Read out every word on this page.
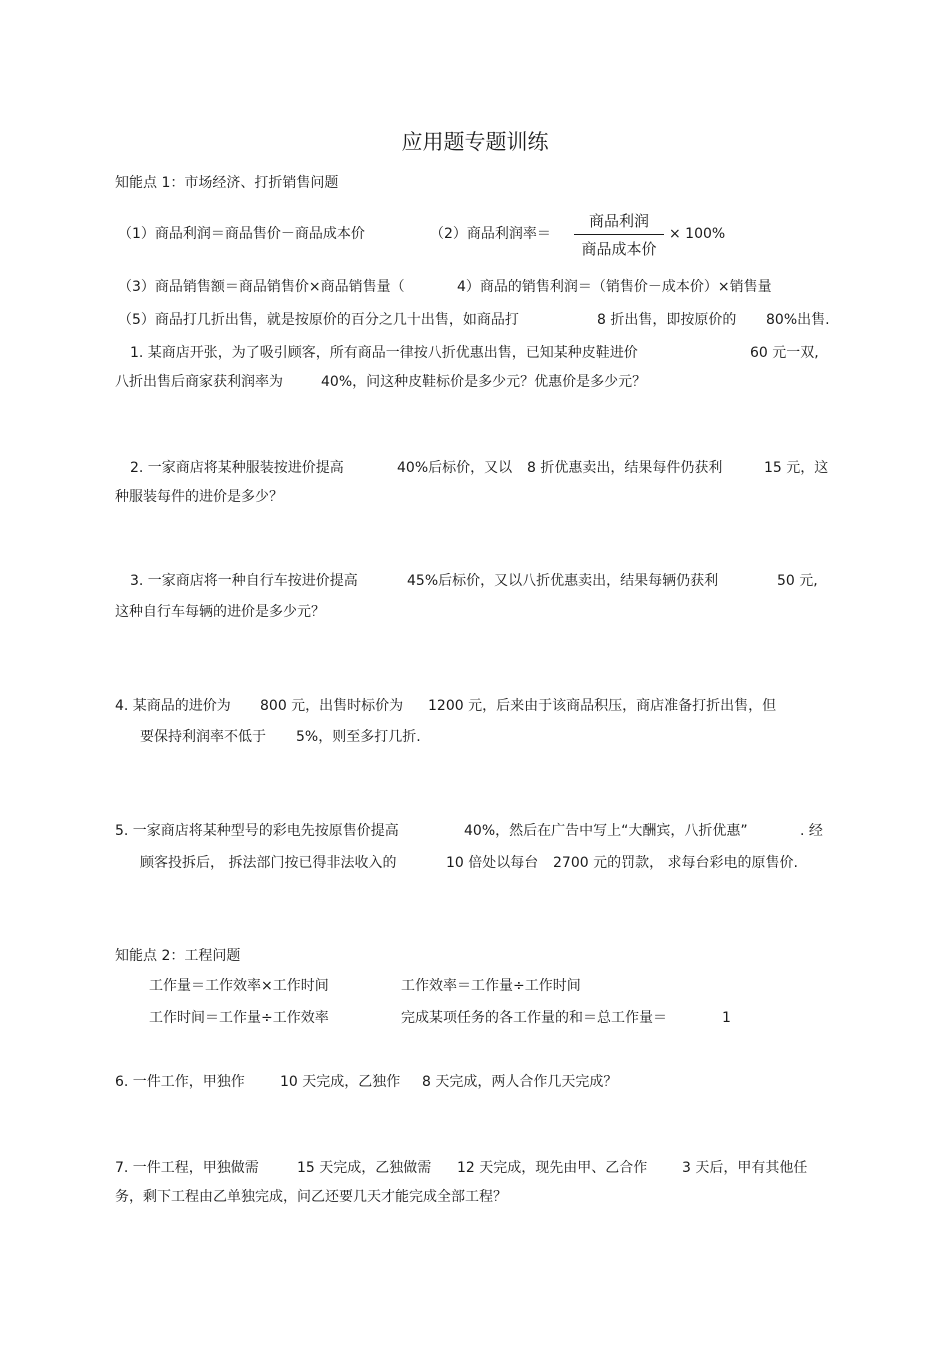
应用题专题训练
知能点 1：市场经济、打折销售问题
（1）商品利润＝商品售价－商品成本价	（2）商品利润率＝
商品利润
商品成本价
× 100%
（3）商品销售额＝商品销售价×商品销售量（	4）商品的销售利润＝（销售价－成本价）×销售量
（5）商品打几折出售，就是按原价的百分之几十出售，如商品打	8 折出售，即按原价的 80%出售.
1. 某商店开张，为了吸引顾客，所有商品一律按八折优惠出售，已知某种皮鞋进价	60 元一双,
八折出售后商家获利润率为	40%，问这种皮鞋标价是多少元？优惠价是多少元？
2. 一家商店将某种服装按进价提高	40%后标价，又以 8 折优惠卖出，结果每件仍获利	15 元，这
种服装每件的进价是多少？
3. 一家商店将一种自行车按进价提高	45%后标价，又以八折优惠卖出，结果每辆仍获利	50 元,
这种自行车每辆的进价是多少元？
4. 某商品的进价为 800 元，出售时标价为 1200 元，后来由于该商品积压，商店准备打折出售，但
要保持利润率不低于 5%，则至多打几折.
5. 一家商店将某种型号的彩电先按原售价提高	40%，然后在广告中写上“大酬宾，八折优惠”	. 经
顾客投拆后， 拆法部门按已得非法收入的	10 倍处以每台 2700 元的罚款， 求每台彩电的原售价.
知能点 2：工程问题
工作量＝工作效率×工作时间	工作效率＝工作量÷工作时间
工作时间＝工作量÷工作效率	完成某项任务的各工作量的和＝总工作量＝	1
6. 一件工作，甲独作	10 天完成，乙独作 8 天完成，两人合作几天完成？
7. 一件工程，甲独做需	15 天完成，乙独做需 12 天完成，现先由甲、乙合作 3 天后，甲有其他任
务，剩下工程由乙单独完成，问乙还要几天才能完成全部工程？
